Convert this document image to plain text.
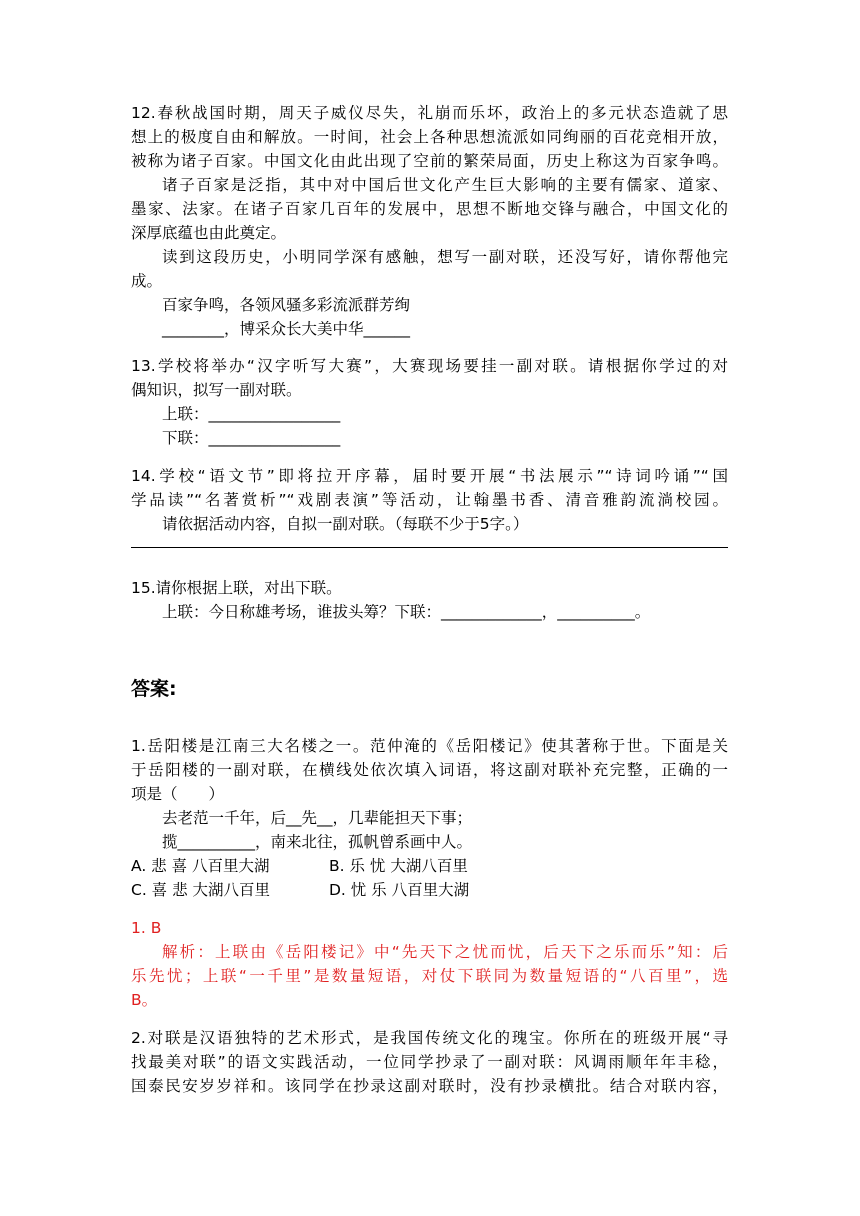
12.春秋战国时期，周天子威仪尽失，礼崩而乐坏，政治上的多元状态造就了思
想上的极度自由和解放。一时间，社会上各种思想流派如同绚丽的百花竞相开放，
被称为诸子百家。中国文化由此出现了空前的繁荣局面，历史上称这为百家争鸣。
诸子百家是泛指，其中对中国后世文化产生巨大影响的主要有儒家、道家、
墨家、法家。在诸子百家几百年的发展中，思想不断地交锋与融合，中国文化的
深厚底蕴也由此奠定。
读到这段历史，小明同学深有感触，想写一副对联，还没写好，请你帮他完
成。
百家争鸣，各领风骚多彩流派群芳绚
________，博采众长大美中华______
13.学校将举办“汉字听写大赛”，大赛现场要挂一副对联。请根据你学过的对
偶知识，拟写一副对联。
上联：_________________
下联：_________________
14.学校“语文节”即将拉开序幕，届时要开展“书法展示”“诗词吟诵”“国
学品读”“名著赏析”“戏剧表演”等活动，让翰墨书香、清音雅韵流淌校园。
请依据活动内容，自拟一副对联。（每联不少于5字。）
15.请你根据上联，对出下联。
上联：今日称雄考场，谁拔头筹？下联：_____________，__________。
答案:
1.岳阳楼是江南三大名楼之一。范仲淹的《岳阳楼记》使其著称于世。下面是关
于岳阳楼的一副对联，在横线处依次填入词语，将这副对联补充完整，正确的一
项是（　　）
去老范一千年，后__先__，几辈能担天下事；
揽__________，南来北往，孤帆曾系画中人。
A. 悲 喜 八百里大湖	B. 乐 忧 大湖八百里
C. 喜 悲 大湖八百里	D. 忧 乐 八百里大湖
1. B
解析：上联由《岳阳楼记》中“先天下之忧而忧，后天下之乐而乐”知：后
乐先忧；上联“一千里”是数量短语，对仗下联同为数量短语的“八百里”，选
B。
2.对联是汉语独特的艺术形式，是我国传统文化的瑰宝。你所在的班级开展“寻
找最美对联”的语文实践活动，一位同学抄录了一副对联：风调雨顺年年丰稔，
国泰民安岁岁祥和。该同学在抄录这副对联时，没有抄录横批。结合对联内容，
